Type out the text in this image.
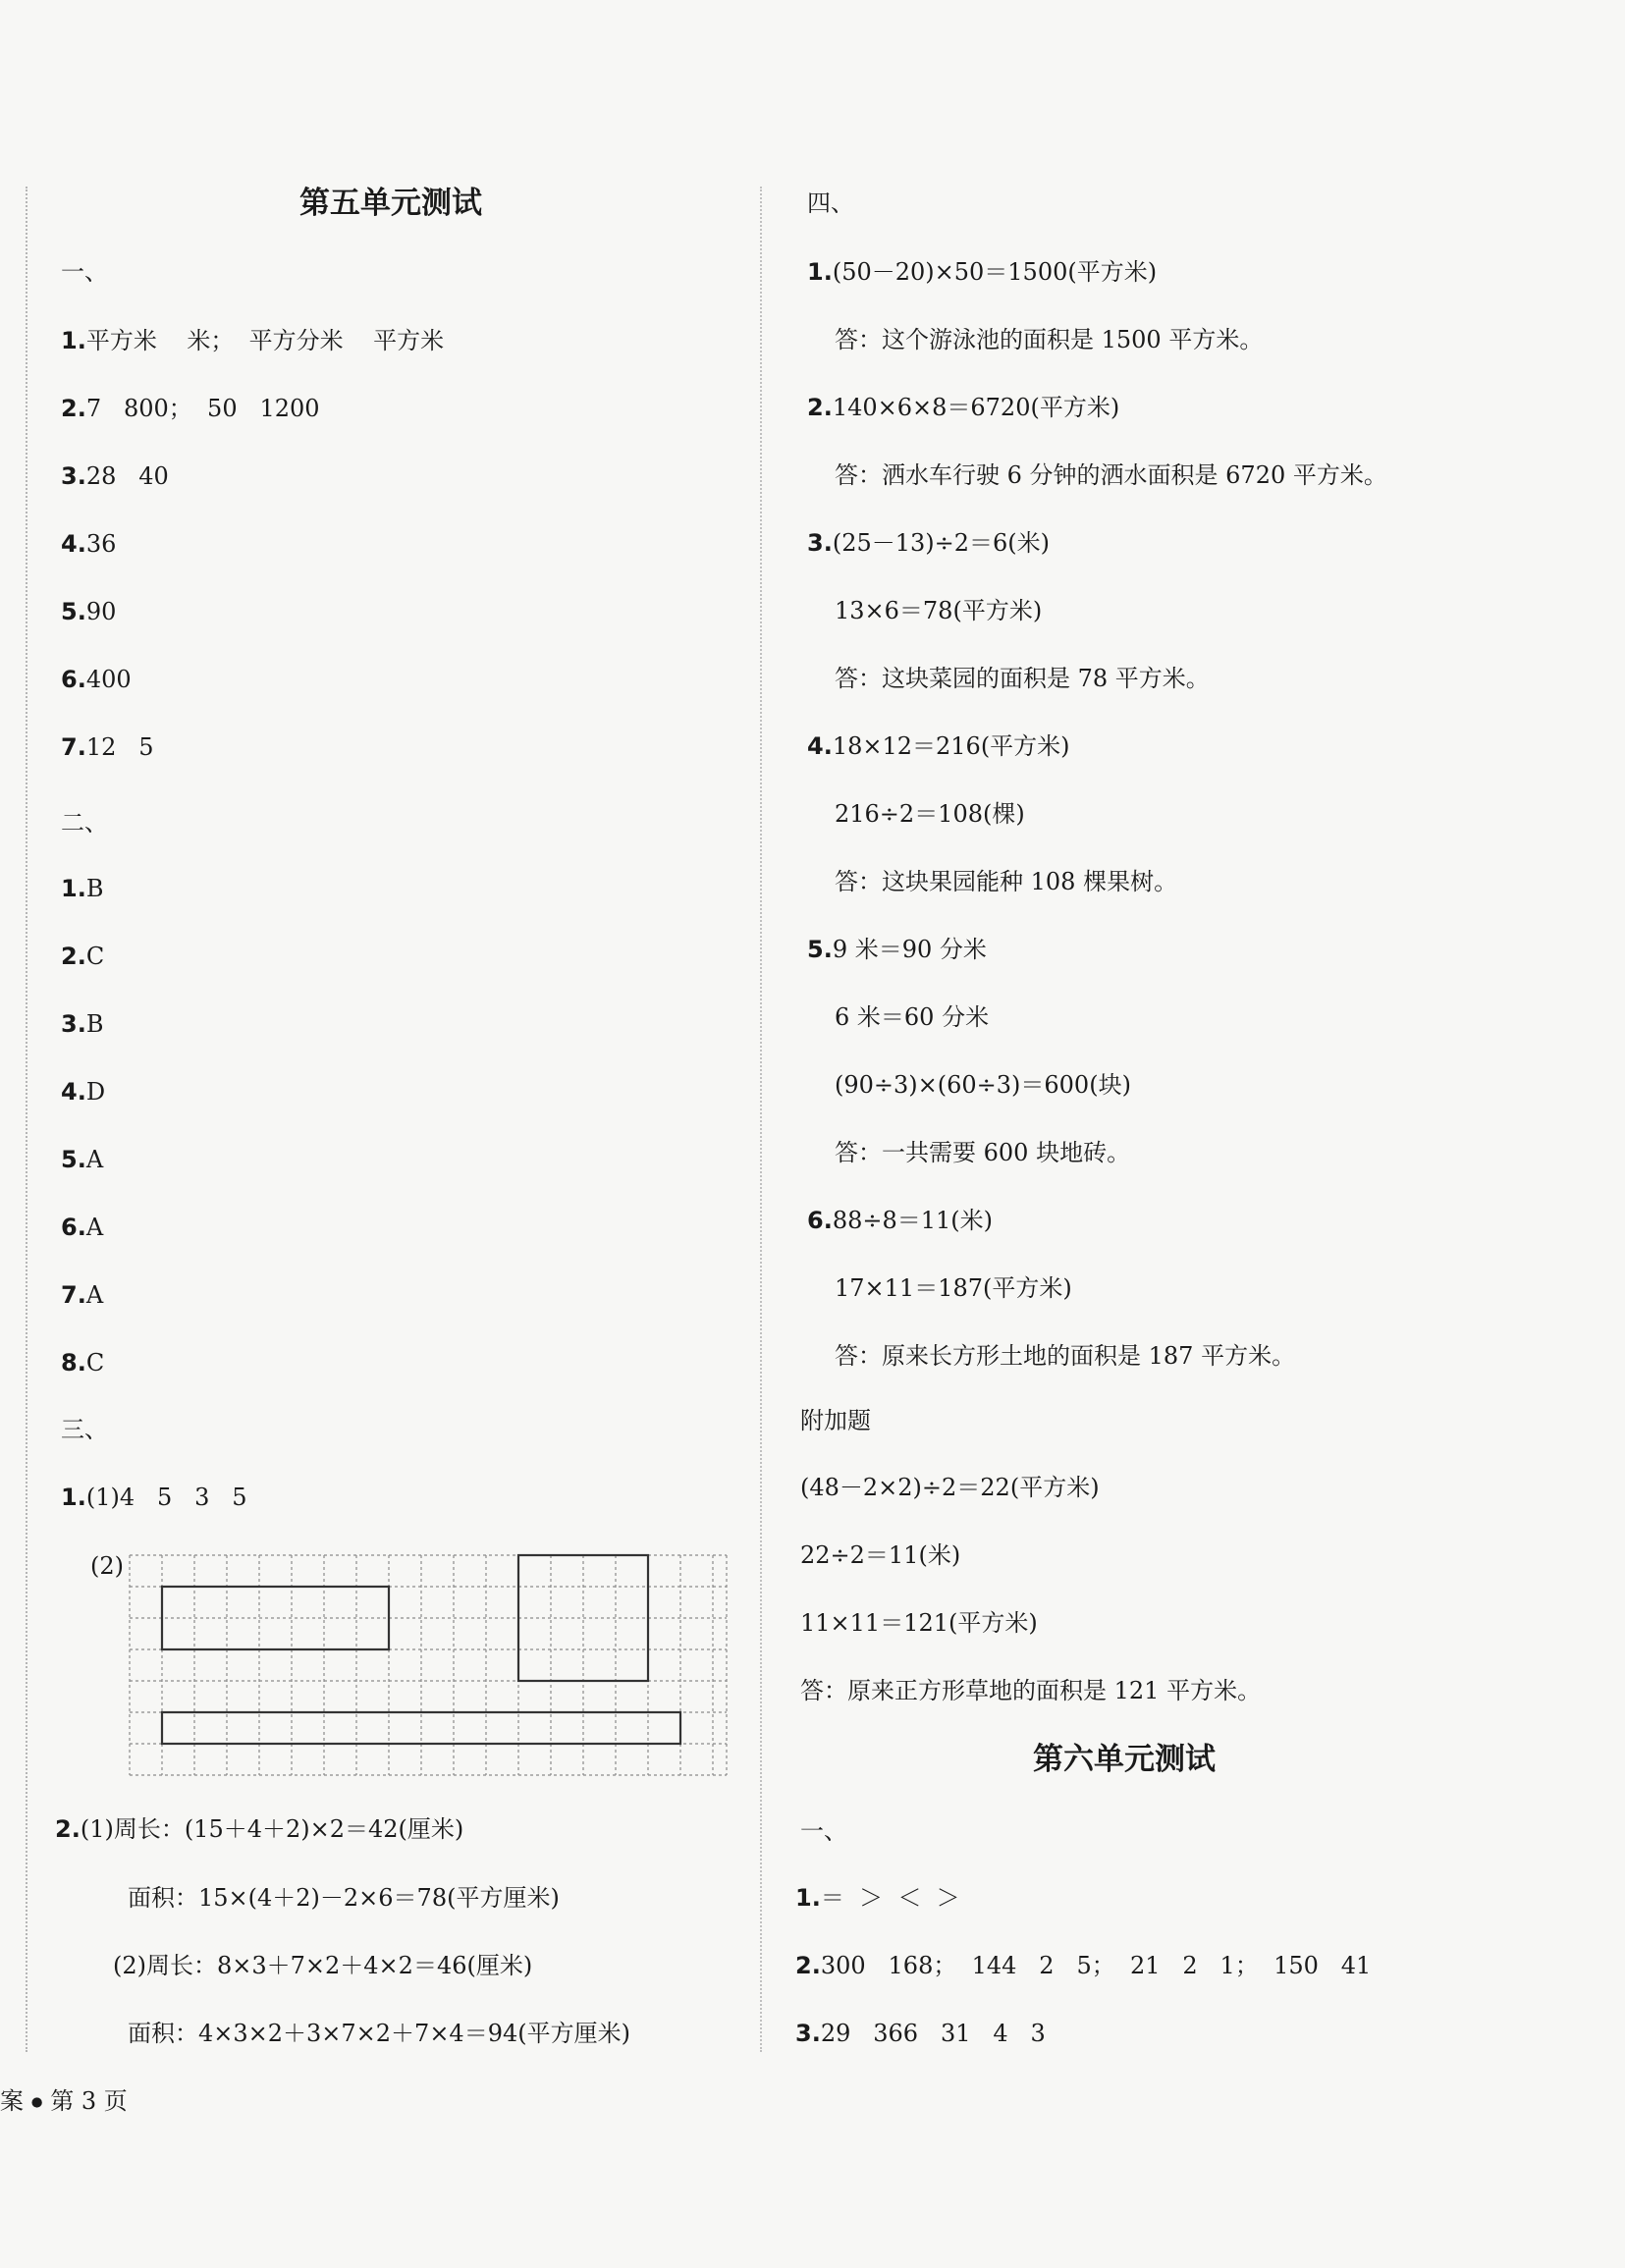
第五单元测试
一、
1.平方米    米；  平方分米    平方米
2.7   800；  50   1200
3.28   40
4.36
5.90
6.400
7.12   5
二、
1.B
2.C
3.B
4.D
5.A
6.A
7.A
8.C
三、
1.(1)4   5   3   5
(2)
2.(1)周长：(15＋4＋2)×2＝42(厘米)
面积：15×(4＋2)－2×6＝78(平方厘米)
(2)周长：8×3＋7×2＋4×2＝46(厘米)
面积：4×3×2＋3×7×2＋7×4＝94(平方厘米)
四、
1.(50－20)×50＝1500(平方米)
答：这个游泳池的面积是 1500 平方米。
2.140×6×8＝6720(平方米)
答：洒水车行驶 6 分钟的洒水面积是 6720 平方米。
3.(25－13)÷2＝6(米)
13×6＝78(平方米)
答：这块菜园的面积是 78 平方米。
4.18×12＝216(平方米)
216÷2＝108(棵)
答：这块果园能种 108 棵果树。
5.9 米＝90 分米
6 米＝60 分米
(90÷3)×(60÷3)＝600(块)
答：一共需要 600 块地砖。
6.88÷8＝11(米)
17×11＝187(平方米)
答：原来长方形土地的面积是 187 平方米。
附加题
(48－2×2)÷2＝22(平方米)
22÷2＝11(米)
11×11＝121(平方米)
答：原来正方形草地的面积是 121 平方米。
第六单元测试
一、
1.＝  ＞  ＜  ＞
2.300   168；  144   2   5；  21   2   1；  150   41
3.29   366   31   4   3
案 ⦁ 第 3 页
